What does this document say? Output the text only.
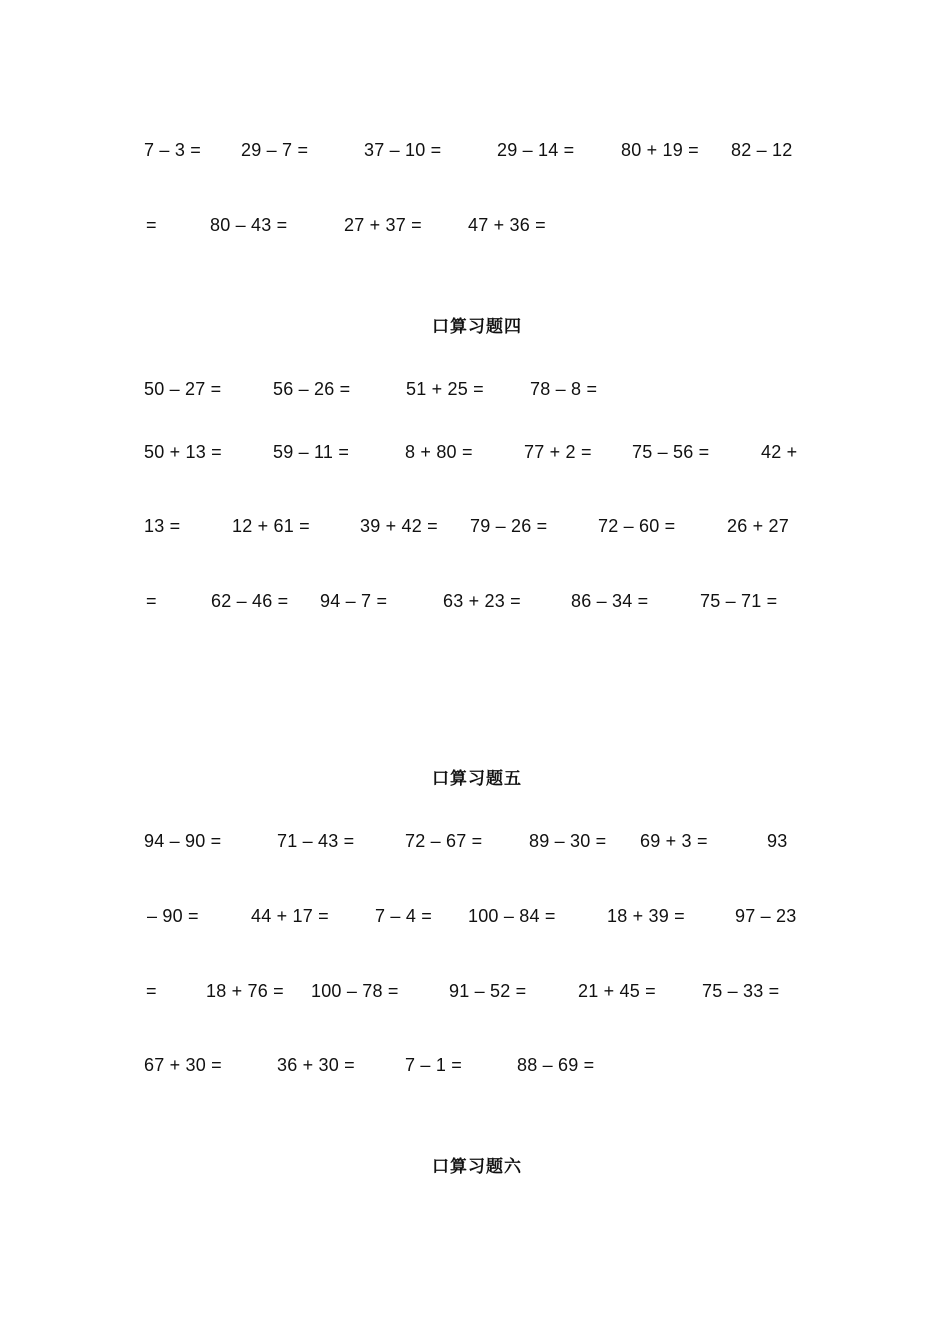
7 – 3 = 29 – 7 =	37 – 10 =	29 – 14 =	80 + 19 = 82 – 12
=	80 – 43 =	27 + 37 =	47 + 36 =
口算习题四
50 – 27 =	56 – 26 =	51 + 25 =	78 – 8 =
50 + 13 =	59 – 11 =	8 + 80 =	77 + 2 = 75 – 56 =	42 +
13 =	12 + 61 =	39 + 42 = 79 – 26 =	72 – 60 =	26 + 27
=	62 – 46 = 94 – 7 =	63 + 23 =	86 – 34 =	75 – 71 =
口算习题五
94 – 90 =	71 – 43 =	72 – 67 =	89 – 30 = 69 + 3 =	93
– 90 =	44 + 17 =	7 – 4 = 100 – 84 =	18 + 39 =	97 – 23
=	18 + 76 = 100 – 78 =	91 – 52 =	21 + 45 =	75 – 33 =
67 + 30 =	36 + 30 =	7 – 1 =	88 – 69 =
口算习题六
